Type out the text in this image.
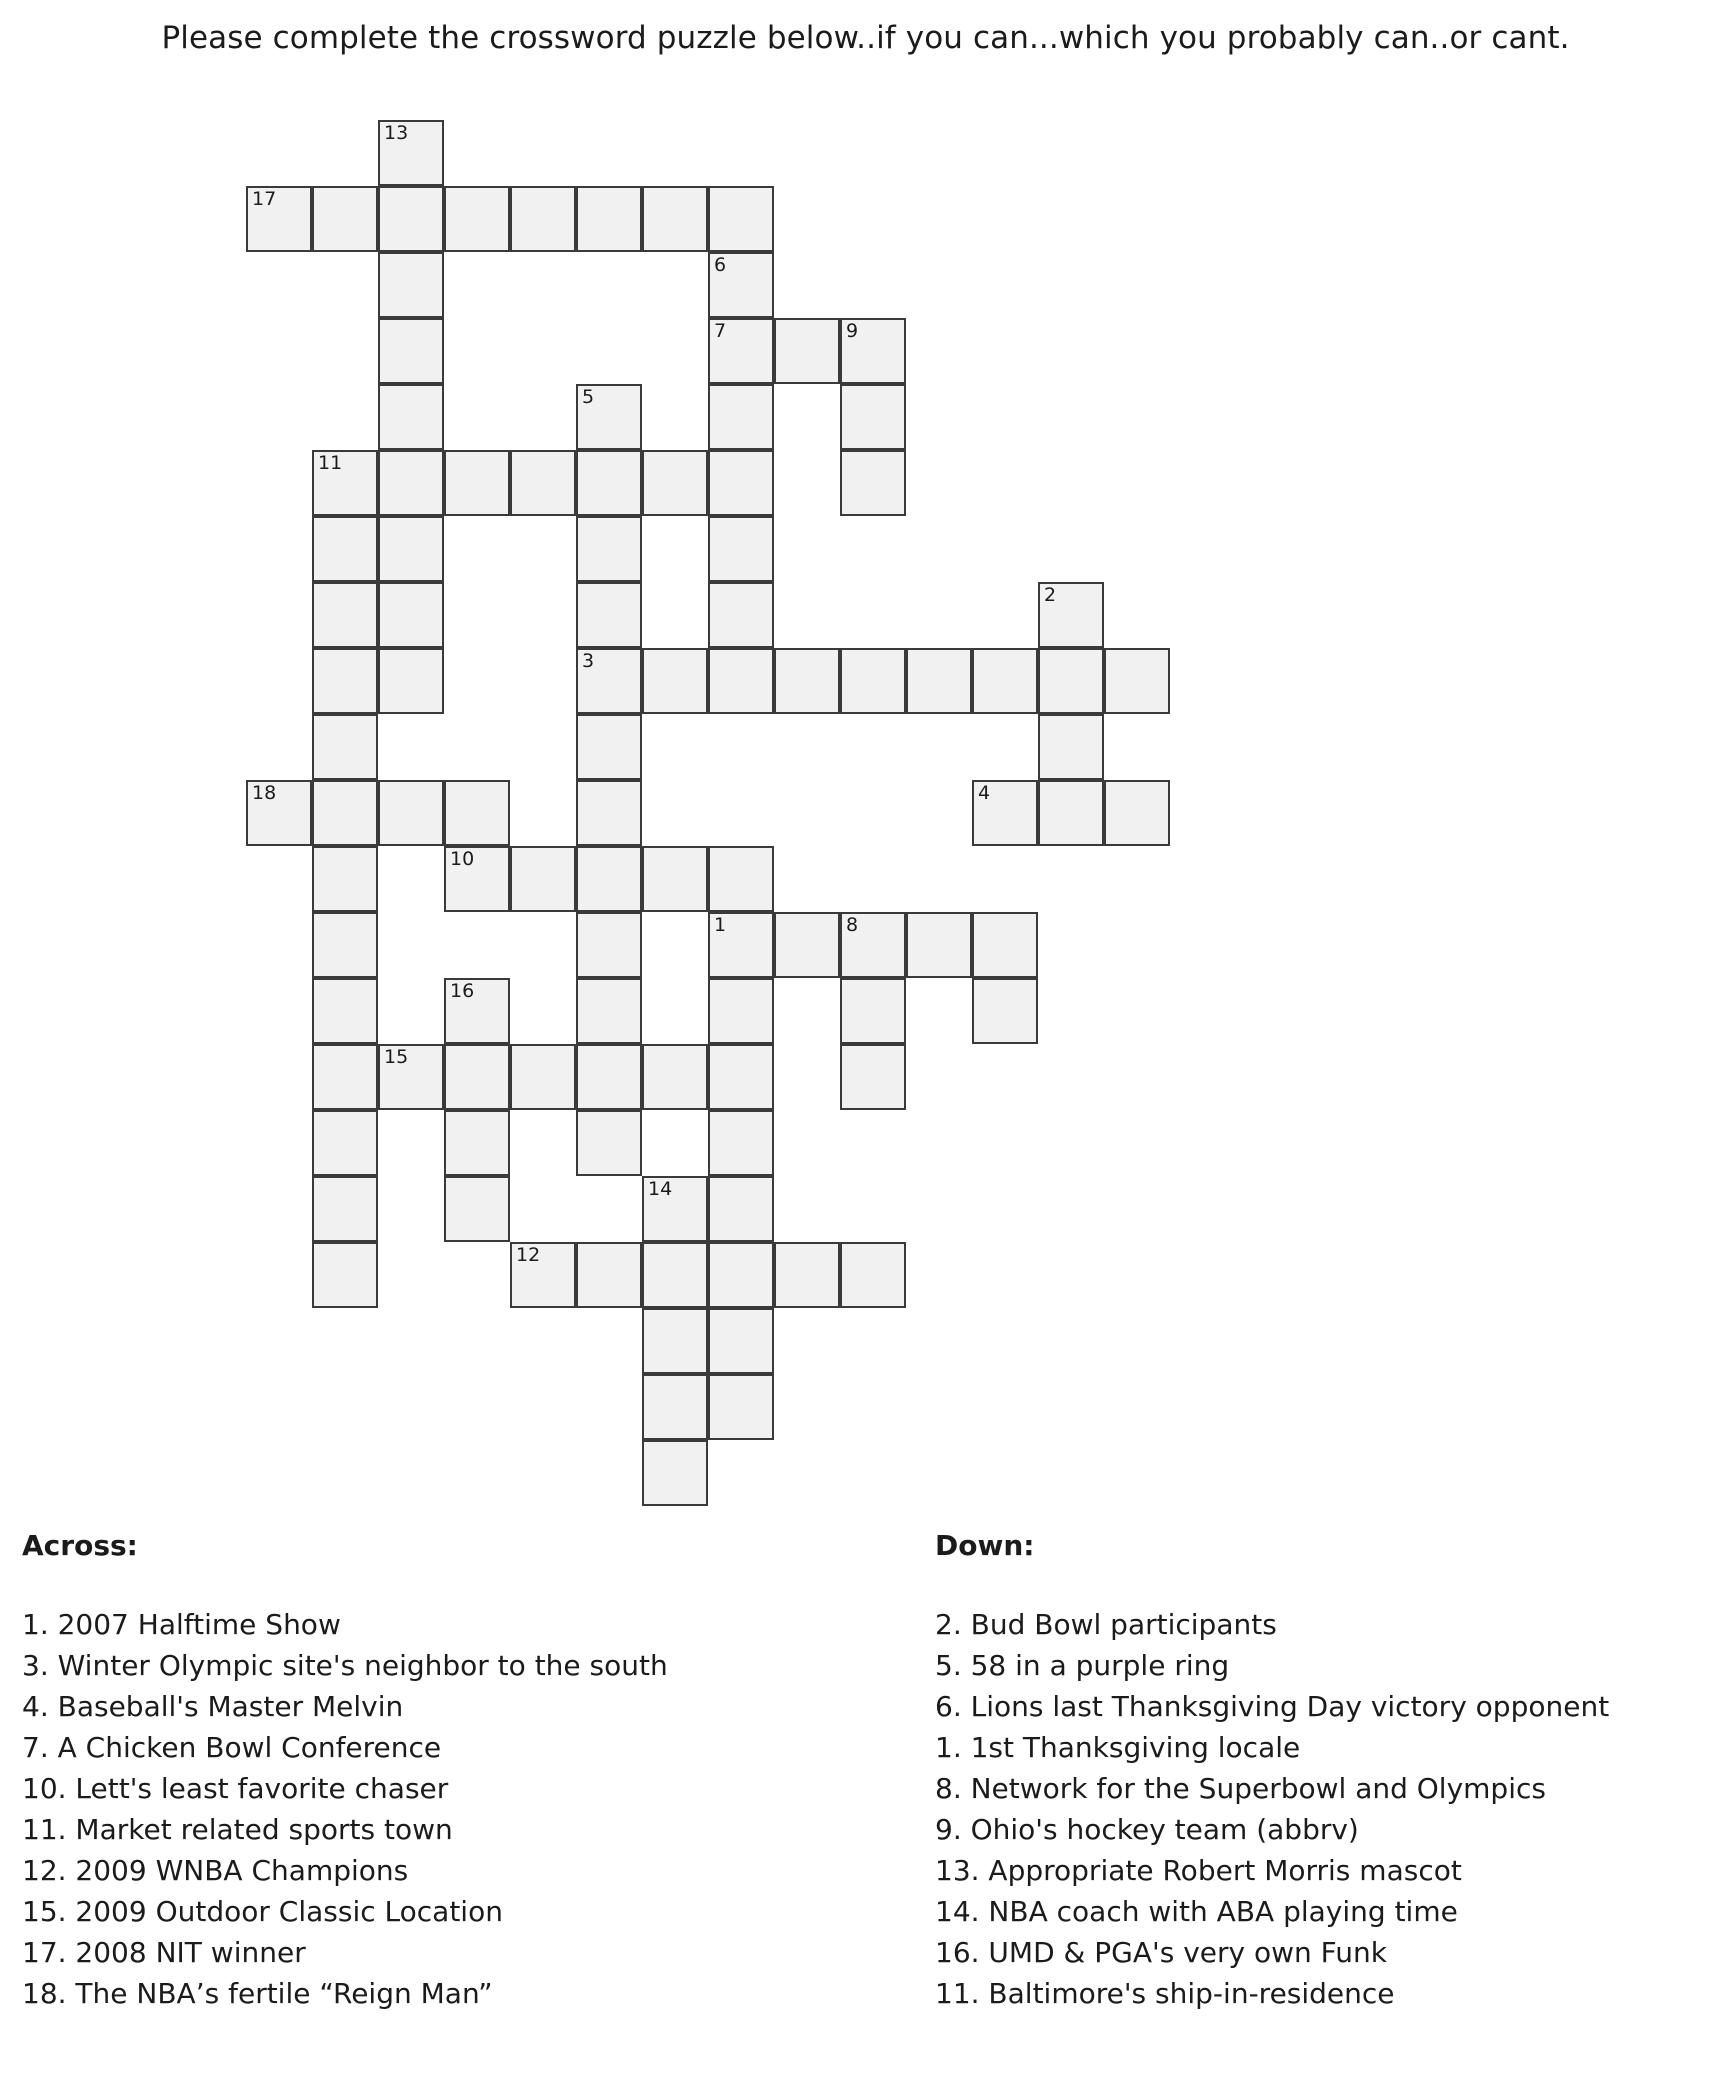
Please complete the crossword puzzle below..if you can...which you probably can..or cant.
13
17
6
7	9
5
11
2
3
18	4
10
1	8
16
15
14
12
Across:

1. 2007 Halftime Show

3. Winter Olympic site's neighbor to the south

4. Baseball's Master Melvin

7. A Chicken Bowl Conference

10. Lett's least favorite chaser

11. Market related sports town

12. 2009 WNBA Champions

15. 2009 Outdoor Classic Location

17. 2008 NIT winner

18. The NBA’s fertile “Reign Man”

Down:

2. Bud Bowl participants

5. 58 in a purple ring

6. Lions last Thanksgiving Day victory opponent

1. 1st Thanksgiving locale

8. Network for the Superbowl and Olympics

9. Ohio's hockey team (abbrv)

13. Appropriate Robert Morris mascot

14. NBA coach with ABA playing time

16. UMD & PGA's very own Funk

11. Baltimore's ship-in-residence
